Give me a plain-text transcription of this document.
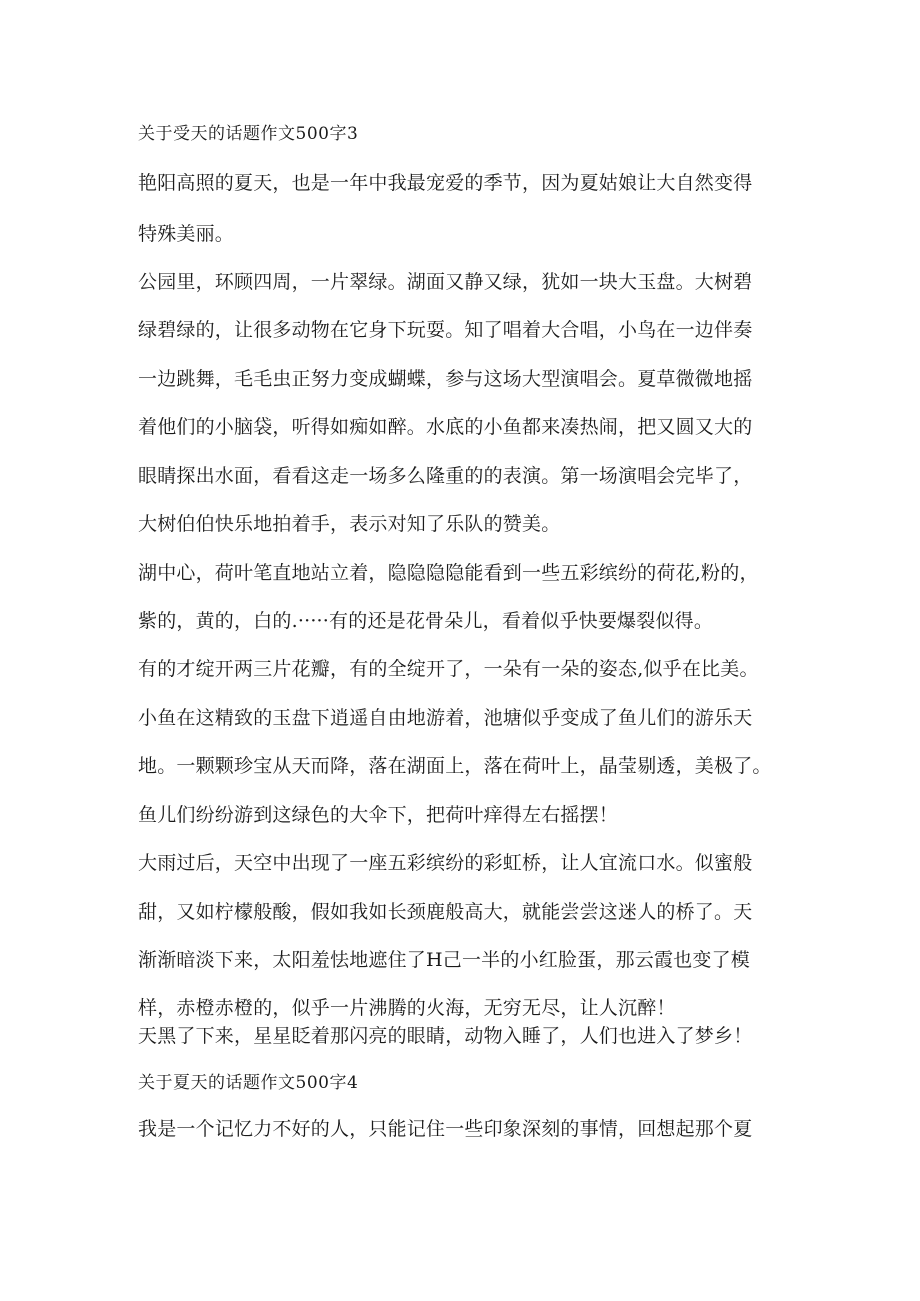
关于受天的话题作文500字3
艳阳高照的夏天，也是一年中我最宠爱的季节，因为夏姑娘让大自然变得
特殊美丽。
公园里，环顾四周，一片翠绿。湖面又静又绿，犹如一块大玉盘。大树碧
绿碧绿的，让很多动物在它身下玩耍。知了唱着大合唱，小鸟在一边伴奏
一边跳舞，毛毛虫正努力变成蝴蝶，参与这场大型演唱会。夏草微微地摇
着他们的小脑袋，听得如痴如醉。水底的小鱼都来凑热闹，把又圆又大的
眼睛探出水面，看看这走一场多么隆重的的表演。第一场演唱会完毕了，
大树伯伯快乐地拍着手，表示对知了乐队的赞美。
湖中心，荷叶笔直地站立着，隐隐隐隐能看到一些五彩缤纷的荷花,粉的，
紫的，黄的，白的.·····有的还是花骨朵儿，看着似乎快要爆裂似得。
有的才绽开两三片花瓣，有的全绽开了，一朵有一朵的姿态,似乎在比美。
小鱼在这精致的玉盘下逍遥自由地游着，池塘似乎变成了鱼儿们的游乐天
地。一颗颗珍宝从天而降，落在湖面上，落在荷叶上，晶莹剔透，美极了。
鱼儿们纷纷游到这绿色的大伞下，把荷叶痒得左右摇摆！
大雨过后，天空中出现了一座五彩缤纷的彩虹桥，让人宜流口水。似蜜般
甜，又如柠檬般酸，假如我如长颈鹿般高大，就能尝尝这迷人的桥了。天
渐渐暗淡下来，太阳羞怯地遮住了H己一半的小红脸蛋，那云霞也变了模
样，赤橙赤橙的，似乎一片沸腾的火海，无穷无尽，让人沉醉！
天黑了下来，星星眨着那闪亮的眼睛，动物入睡了，人们也进入了梦乡！
关于夏天的话题作文500字4
我是一个记忆力不好的人，只能记住一些印象深刻的事情，回想起那个夏
